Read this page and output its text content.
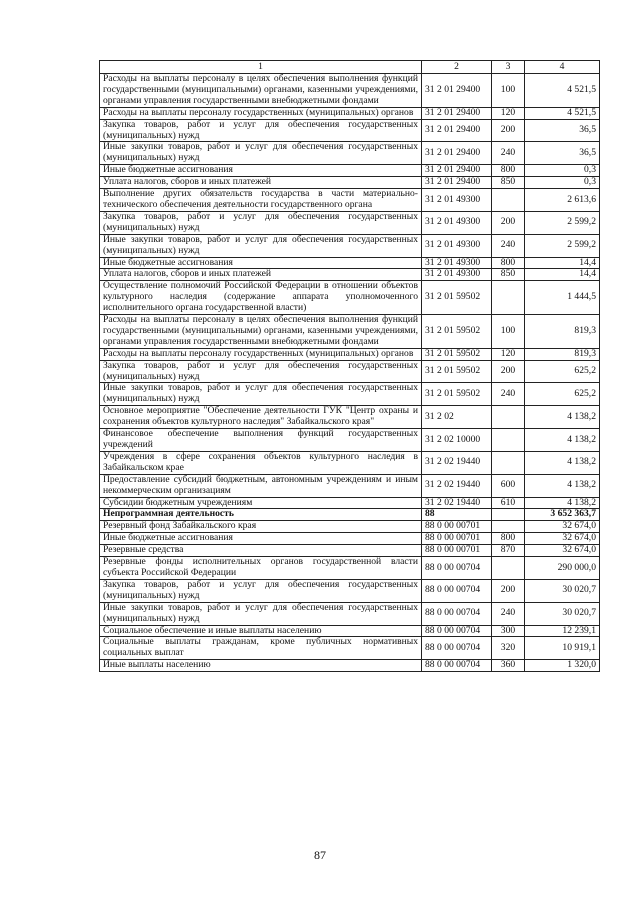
1	2	3	4
Расходы на выплаты персоналу в целях обеспечения выполнения функций государственными (муниципальными) органами, казенными учреждениями, органами управления государственными внебюджетными фондами	31 2 01 29400	100	4 521,5
Расходы на выплаты персоналу государственных (муниципальных) органов	31 2 01 29400	120	4 521,5
Закупка товаров, работ и услуг для обеспечения государственных (муниципальных) нужд	31 2 01 29400	200	36,5
Иные закупки товаров, работ и услуг для обеспечения государственных (муниципальных) нужд	31 2 01 29400	240	36,5
Иные бюджетные ассигнования	31 2 01 29400	800	0,3
Уплата налогов, сборов и иных платежей	31 2 01 29400	850	0,3
Выполнение других обязательств государства в части материально-технического обеспечения деятельности государственного органа	31 2 01 49300		2 613,6
Закупка товаров, работ и услуг для обеспечения государственных (муниципальных) нужд	31 2 01 49300	200	2 599,2
Иные закупки товаров, работ и услуг для обеспечения государственных (муниципальных) нужд	31 2 01 49300	240	2 599,2
Иные бюджетные ассигнования	31 2 01 49300	800	14,4
Уплата налогов, сборов и иных платежей	31 2 01 49300	850	14,4
Осуществление полномочий Российской Федерации в отношении объектов культурного наследия (содержание аппарата уполномоченного исполнительного органа государственной власти)	31 2 01 59502		1 444,5
Расходы на выплаты персоналу в целях обеспечения выполнения функций государственными (муниципальными) органами, казенными учреждениями, органами управления государственными внебюджетными фондами	31 2 01 59502	100	819,3
Расходы на выплаты персоналу государственных (муниципальных) органов	31 2 01 59502	120	819,3
Закупка товаров, работ и услуг для обеспечения государственных (муниципальных) нужд	31 2 01 59502	200	625,2
Иные закупки товаров, работ и услуг для обеспечения государственных (муниципальных) нужд	31 2 01 59502	240	625,2
Основное мероприятие "Обеспечение деятельности ГУК "Центр охраны и сохранения объектов культурного наследия" Забайкальского края"	31 2 02		4 138,2
Финансовое обеспечение выполнения функций государственных учреждений	31 2 02 10000		4 138,2
Учреждения в сфере сохранения объектов культурного наследия в Забайкальском крае	31 2 02 19440		4 138,2
Предоставление субсидий бюджетным, автономным учреждениям и иным некоммерческим организациям	31 2 02 19440	600	4 138,2
Субсидии бюджетным учреждениям	31 2 02 19440	610	4 138,2
Непрограммная деятельность	88		3 652 363,7
Резервный фонд Забайкальского края	88 0 00 00701		32 674,0
Иные бюджетные ассигнования	88 0 00 00701	800	32 674,0
Резервные средства	88 0 00 00701	870	32 674,0
Резервные фонды исполнительных органов государственной власти субъекта Российской Федерации	88 0 00 00704		290 000,0
Закупка товаров, работ и услуг для обеспечения государственных (муниципальных) нужд	88 0 00 00704	200	30 020,7
Иные закупки товаров, работ и услуг для обеспечения государственных (муниципальных) нужд	88 0 00 00704	240	30 020,7
Социальное обеспечение и иные выплаты населению	88 0 00 00704	300	12 239,1
Социальные выплаты гражданам, кроме публичных нормативных социальных выплат	88 0 00 00704	320	10 919,1
Иные выплаты населению	88 0 00 00704	360	1 320,0
87
